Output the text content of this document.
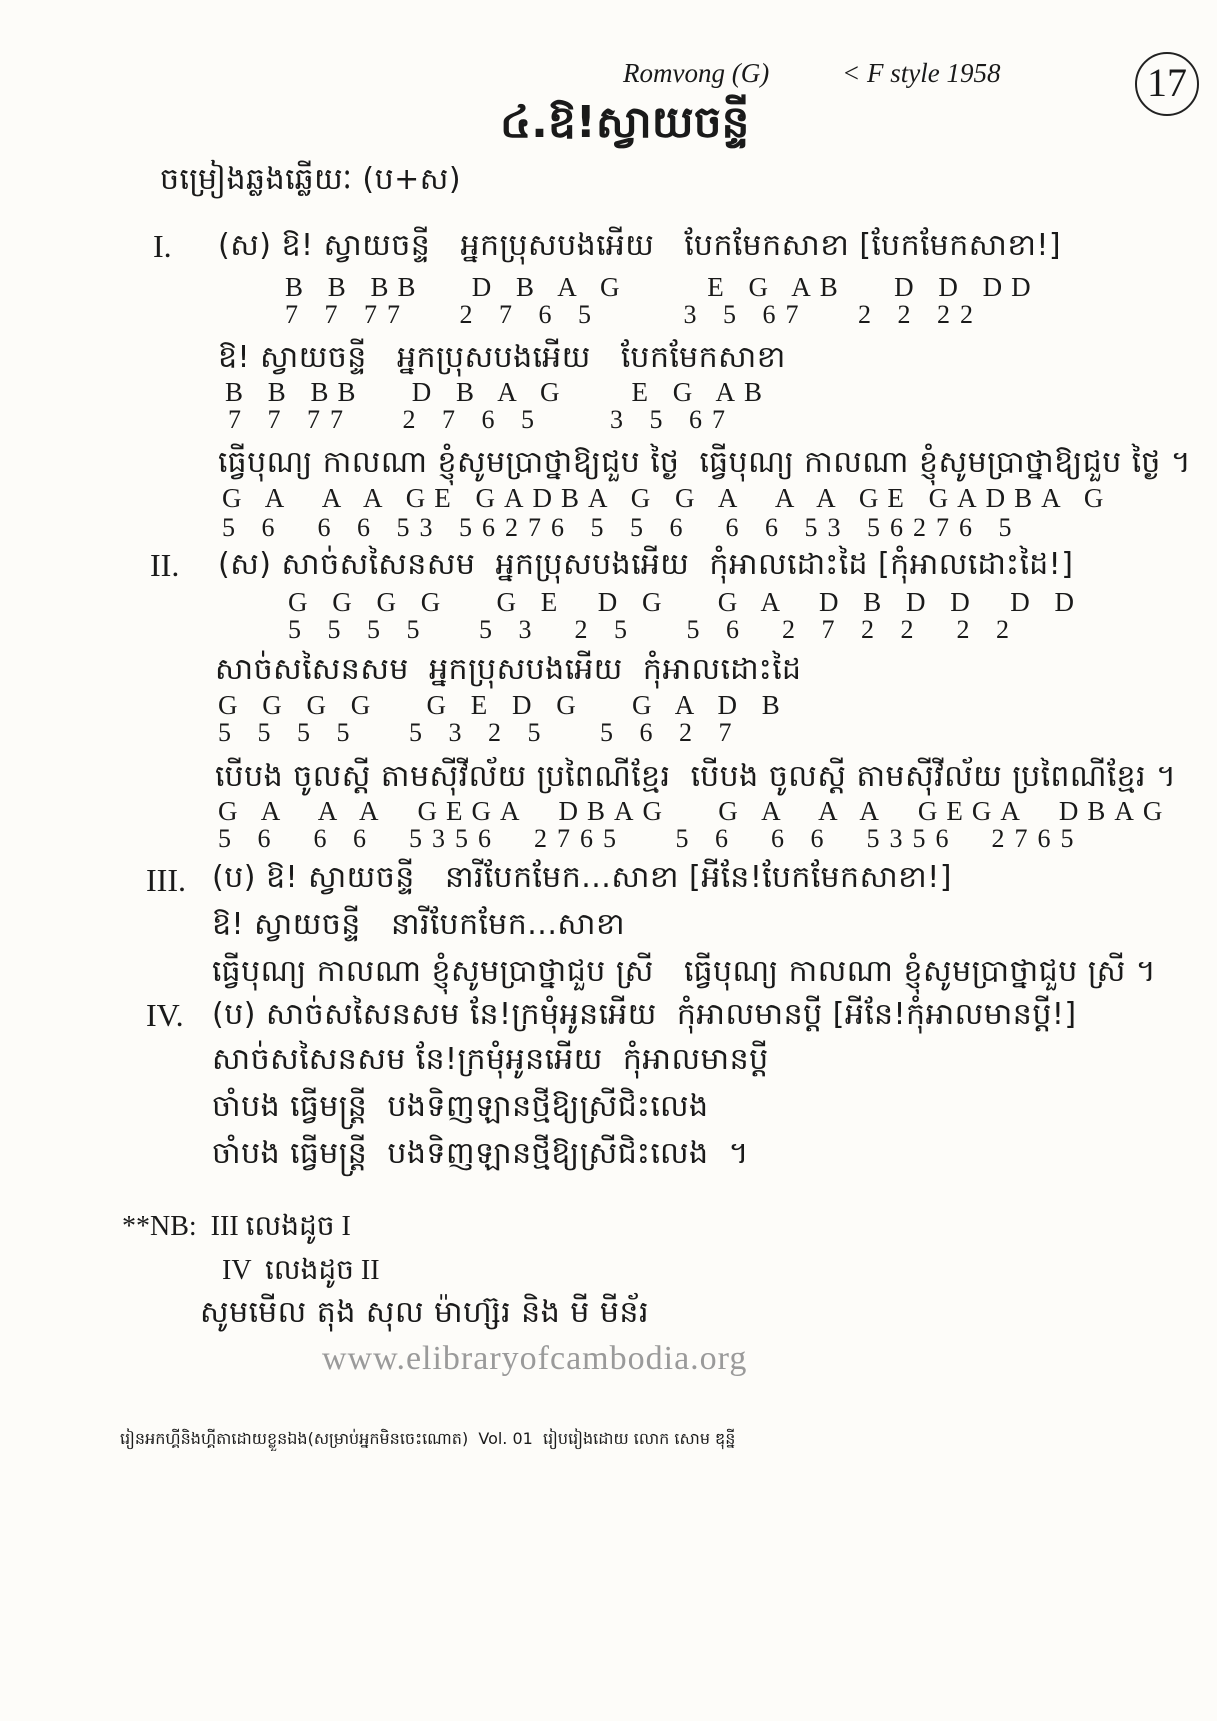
Romvong (G)	< F style 1958	17
៤.ឱ!ស្វាយចន្ទី
ចម្រៀងឆ្លងឆ្លើយៈ (ប+ស)
I. (ស) ឱ! ស្វាយចន្ទី   អ្នកប្រុសបងអើយ   បែកមែកសាខា [បែកមែកសាខា!]
B B BB   D B A G     E G AB   D D DD
7 7 77   2 7 6 5     3 5 67   2 2 22
ឱ! ស្វាយចន្ទី   អ្នកប្រុសបងអើយ   បែកមែកសាខា
B B BB   D B A G    E G AB
7 7 77   2 7 6 5    3 5 67
ធ្វើបុណ្យ កាលណា ខ្ញុំសូមប្រាថ្នាឱ្យជួប ថ្ងៃ  ធ្វើបុណ្យ កាលណា ខ្ញុំសូមប្រាថ្នាឱ្យជួប ថ្ងៃ ។
G A  A A GE GADBA G G A  A A GE GADBA G
5 6  6 6 53 56276 5 5 6  6 6 53 56276 5
II. (ស) សាច់សសៃនសម  អ្នកប្រុសបងអើយ  កុំអាលដោះដៃ [កុំអាលដោះដៃ!]
G G G G   G E  D G   G A  D B D D  D D
5 5 5 5   5 3  2 5   5 6  2 7 2 2  2 2
សាច់សសៃនសម  អ្នកប្រុសបងអើយ  កុំអាលដោះដៃ
G G G G   G E D G   G A D B
5 5 5 5   5 3 2 5   5 6 2 7
បើបង ចូលស្ដី តាមស៊ីវីល័យ ប្រពៃណីខ្មែរ  បើបង ចូលស្ដី តាមស៊ីវីល័យ ប្រពៃណីខ្មែរ ។
G A  A A  GEGA  DBAG   G A  A A  GEGA  DBAG
5 6  6 6  5356  2765   5 6  6 6  5356  2765
III. (ប) ឱ! ស្វាយចន្ទី   នារីបែកមែក...សាខា [អីនែ!បែកមែកសាខា!]
ឱ! ស្វាយចន្ទី   នារីបែកមែក...សាខា
ធ្វើបុណ្យ កាលណា ខ្ញុំសូមប្រាថ្នាជួប ស្រី   ធ្វើបុណ្យ កាលណា ខ្ញុំសូមប្រាថ្នាជួប ស្រី ។
IV. (ប) សាច់សសៃនសម នែ!ក្រមុំអូនអើយ  កុំអាលមានប្ដី [អីនែ!កុំអាលមានប្ដី!]
សាច់សសៃនសម នែ!ក្រមុំអូនអើយ  កុំអាលមានប្ដី
ចាំបង ធ្វើមន្ត្រី  បងទិញឡានថ្មីឱ្យស្រីជិះលេង
ចាំបង ធ្វើមន្ត្រី  បងទិញឡានថ្មីឱ្យស្រីជិះលេង  ។
**NB:  III លេងដូច I
IV  លេងដូច II
សូមមើល តុង សុល ម៉ាហ្ស៊រ និង មី មីន័រ
www.elibraryofcambodia.org
រៀនអកហ្គីនិងហ្គីតាដោយខ្លួនឯង(សម្រាប់អ្នកមិនចេះណោត)  Vol. 01  រៀបរៀងដោយ លោក សោម ឌុន្នី
